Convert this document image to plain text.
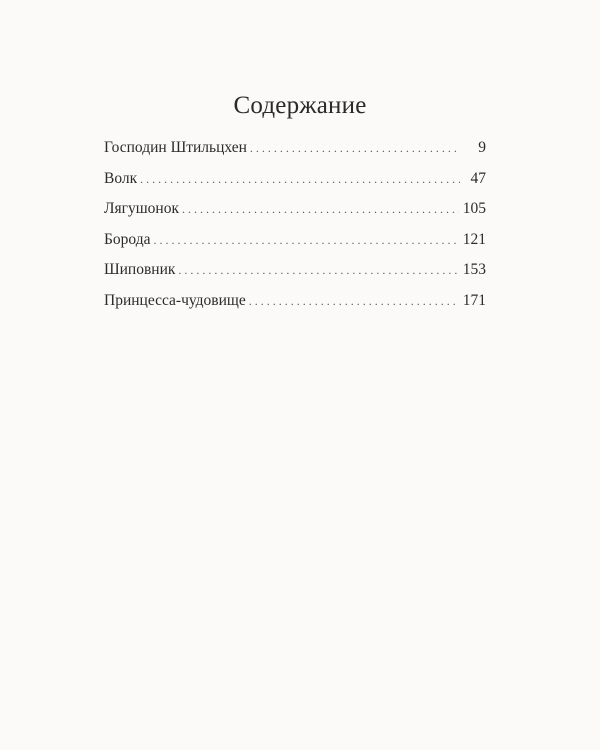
Содержание
Господин Штильцхен . . .	9
Волк . . .	47
Лягушонок . . .	105
Борода . . .	121
Шиповник . . .	153
Принцесса-чудовище . . .	171
